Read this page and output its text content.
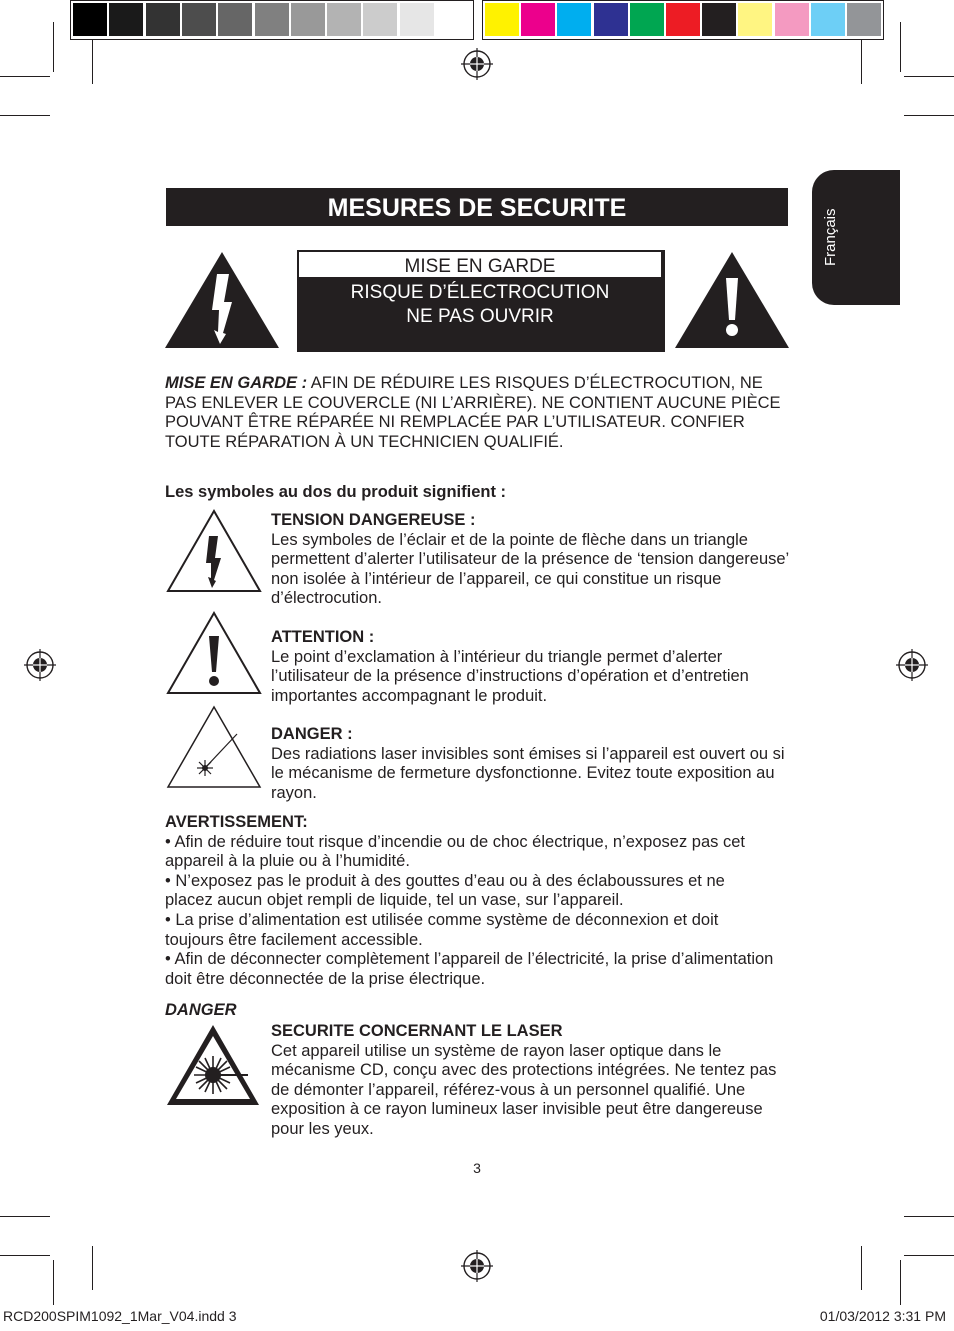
Français
MESURES DE SECURITE
MISE EN GARDE
RISQUE D’ÉLECTROCUTION
NE PAS OUVRIR
MISE EN GARDE : AFIN DE RÉDUIRE LES RISQUES D’ÉLECTROCUTION, NE PAS ENLEVER LE COUVERCLE (NI L’ARRIÈRE). NE CONTIENT AUCUNE PIÈCE POUVANT ÊTRE RÉPARÉE NI REMPLACÉE PAR L’UTILISATEUR. CONFIER TOUTE RÉPARATION À UN TECHNICIEN QUALIFIÉ.
Les symboles au dos du produit signifient :
TENSION DANGEREUSE :
Les symboles de l’éclair et de la pointe de flèche dans un triangle permettent d’alerter l’utilisateur de la présence de ‘tension dangereuse’ non isolée à l’intérieur de l’appareil, ce qui constitue un risque d’électrocution.
ATTENTION :
Le point d’exclamation à l’intérieur du triangle permet d’alerter l’utilisateur de la présence d’instructions d’opération et d’entretien importantes accompagnant le produit.
DANGER :
Des radiations laser invisibles sont émises si l’appareil est ouvert ou si le mécanisme de fermeture dysfonctionne. Evitez toute exposition au rayon.
AVERTISSEMENT:
• Afin de réduire tout risque d’incendie ou de choc électrique, n’exposez pas cet appareil à la pluie ou à l’humidité.
• N’exposez pas le produit à des gouttes d’eau ou à des éclaboussures et ne placez aucun objet rempli de liquide, tel un vase, sur l’appareil.
• La prise d’alimentation est utilisée comme système de déconnexion et doit toujours être facilement accessible.
• Afin de déconnecter complètement l’appareil de l’électricité, la prise d’alimentation doit être déconnectée de la prise électrique.
DANGER
SECURITE CONCERNANT LE LASER
Cet appareil utilise un système de rayon laser optique dans le mécanisme CD, conçu avec des protections intégrées. Ne tentez pas de démonter l’appareil, référez-vous à un personnel qualifié. Une exposition à ce rayon lumineux laser invisible peut être dangereuse pour les yeux.
3
RCD200SPIM1092_1Mar_V04.indd 3	01/03/2012 3:31 PM
